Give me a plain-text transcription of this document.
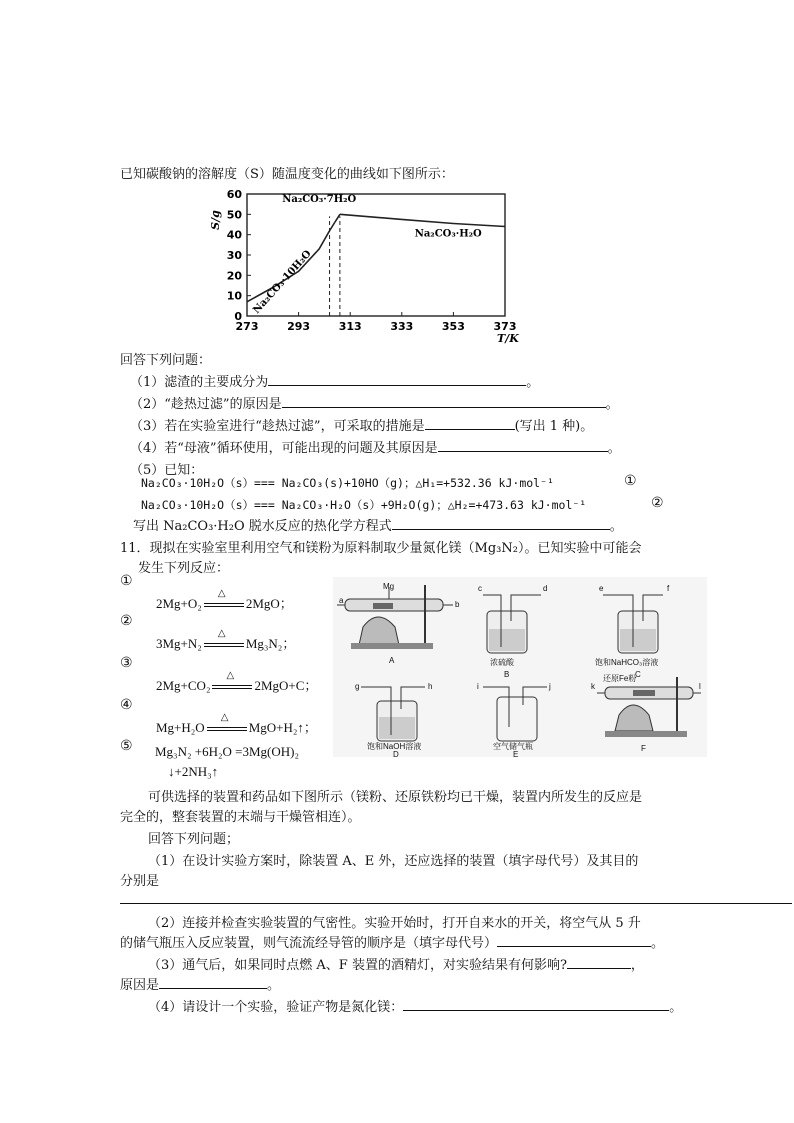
已知碳酸钠的溶解度（S）随温度变化的曲线如下图所示：
273	293	313	333	353	373
0
10
20
30
40
50
60
S/g
T/K
Na₂CO₃·7H₂O
Na₂CO₃·H₂O
Na₂CO₃·10H₂O
回答下列问题：
（1）滤渣的主要成分为	。
（2）“趁热过滤”的原因是	。
（3）若在实验室进行“趁热过滤”，可采取的措施是	(写出 1 种)。
（4）若“母液”循环使用，可能出现的问题及其原因是	。
（5）已知：
Na₂CO₃·10H₂O（s）=== Na₂CO₃(s)+10HO（g)；△H₁=+532.36 kJ·mol⁻¹	①
Na₂CO₃·10H₂O（s）=== Na₂CO₃·H₂O（s）+9H₂O(g)；△H₂=+473.63 kJ·mol⁻¹	②
写出 Na₂CO₃·H₂O 脱水反应的热化学方程式	。
11．现拟在实验室里利用空气和镁粉为原料制取少量氮化镁（Mg₃N₂）。已知实验中可能会
发生下列反应：
①
2Mg+O₂
△
2MgO；
②
3Mg+N₂
△
Mg₃N₂；
③
2Mg+CO₂
△
2MgO+C；
④
Mg+H₂O
△
MgO+H₂↑；
⑤ Mg₃N₂ +6H₂O =3Mg(OH)₂
↓+2NH₃↑
a	b
Mg
A
c	d
浓硫酸
B
e	f
饱和NaHCO₃溶液
C
g	h
饱和NaOH溶液
D
i	j
空气储气瓶
E
k	l
还原Fe粉
F
可供选择的装置和药品如下图所示（镁粉、还原铁粉均已干燥，装置内所发生的反应是
完全的，整套装置的末端与干燥管相连）。
回答下列问题；
（1）在设计实验方案时，除装置 A、E 外，还应选择的装置（填字母代号）及其目的
分别是
（2）连接并检查实验装置的气密性。实验开始时，打开自来水的开关，将空气从 5 升
的储气瓶压入反应装置，则气流流经导管的顺序是（填字母代号）	。
（3）通气后，如果同时点燃 A、F 装置的酒精灯，对实验结果有何影响?	，
原因是	。
（4）请设计一个实验，验证产物是氮化镁：	。
